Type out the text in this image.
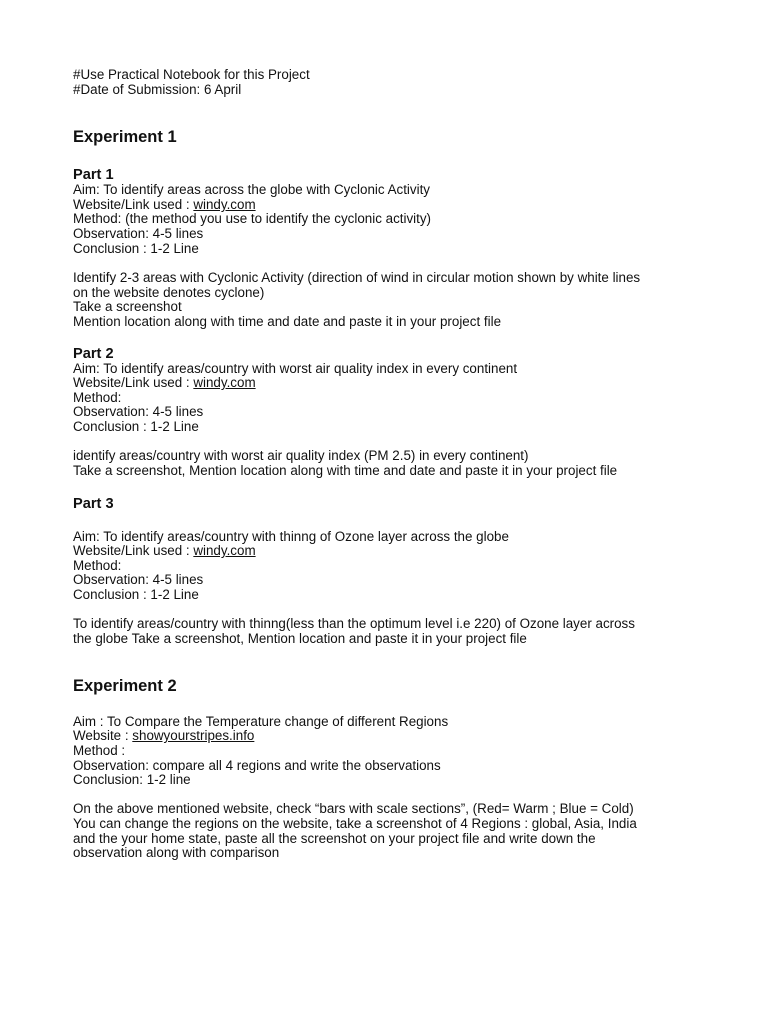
#Use Practical Notebook for this Project
#Date of Submission: 6 April
Experiment 1
Part 1
Aim: To identify areas across the globe with Cyclonic Activity
Website/Link used : windy.com
Method: (the method you use to identify the cyclonic activity)
Observation: 4-5 lines
Conclusion : 1-2 Line
Identify 2-3 areas with Cyclonic Activity (direction of wind in circular motion shown by white lines
on the website denotes cyclone)
Take a screenshot
Mention location along with time and date and paste it in your project file
Part 2
Aim: To identify areas/country with worst air quality index in every continent
Website/Link used : windy.com
Method:
Observation: 4-5 lines
Conclusion : 1-2 Line
identify areas/country with worst air quality index (PM 2.5) in every continent)
Take a screenshot, Mention location along with time and date and paste it in your project file
Part 3
Aim: To identify areas/country with thinng of Ozone layer across the globe
Website/Link used : windy.com
Method:
Observation: 4-5 lines
Conclusion : 1-2 Line
To identify areas/country with thinng(less than the optimum level i.e 220) of Ozone layer across
the globe Take a screenshot, Mention location and paste it in your project file
Experiment 2
Aim : To Compare the Temperature change of different Regions
Website : showyourstripes.info
Method :
Observation: compare all 4 regions and write the observations
Conclusion: 1-2 line
On the above mentioned website, check “bars with scale sections”, (Red= Warm ; Blue = Cold)
You can change the regions on the website, take a screenshot of 4 Regions : global, Asia, India
and the your home state, paste all the screenshot on your project file and write down the
observation along with comparison
